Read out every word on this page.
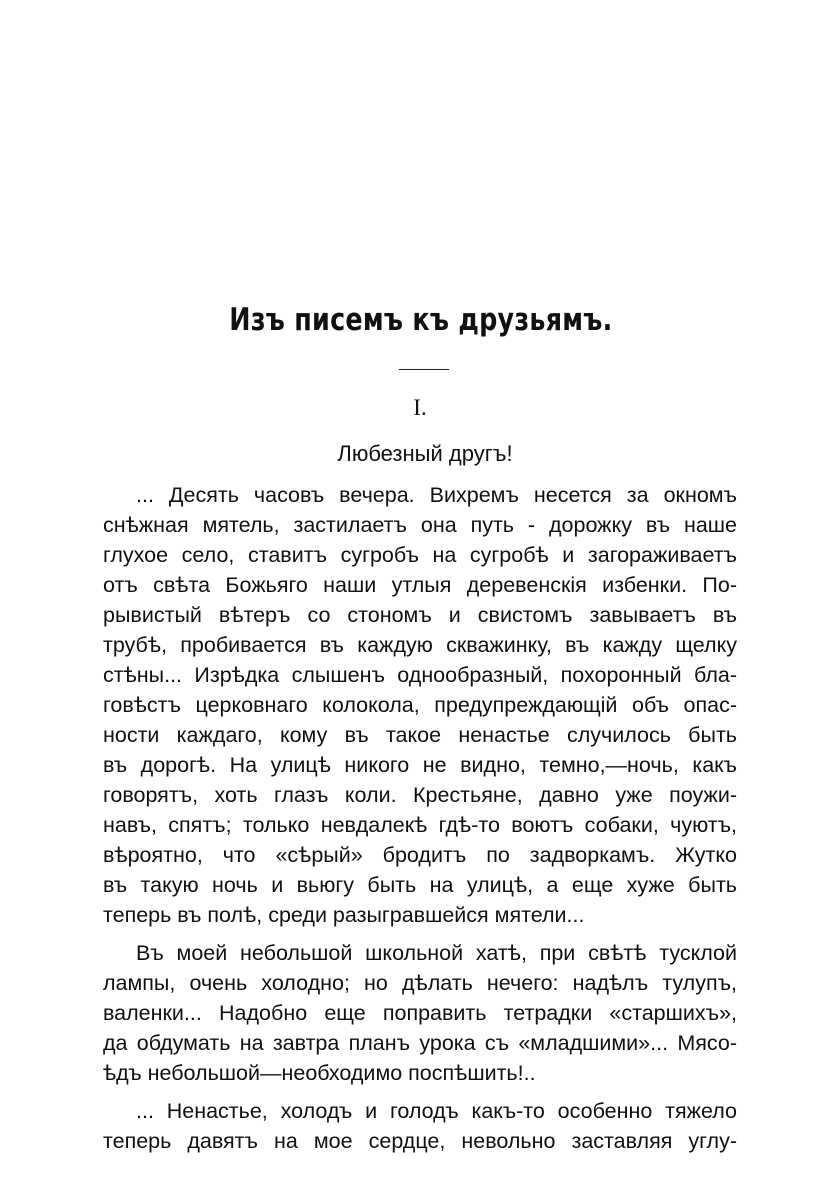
Изъ писемъ къ друзьямъ.
I.
Любезный другъ!
... Десять часовъ вечера. Вихремъ несется за окномъ
снѣжная мятель, застилаетъ она путь - дорожку въ наше
глухое село, ставитъ сугробъ на сугробѣ и загораживаетъ
отъ свѣта Божьяго наши утлыя деревенскія избенки. По-
рывистый вѣтеръ со стономъ и свистомъ завываетъ въ
трубѣ, пробивается въ каждую скважинку, въ кажду щелку
стѣны... Изрѣдка слышенъ однообразный, похоронный бла-
говѣстъ церковнаго колокола, предупреждающій объ опас-
ности каждаго, кому въ такое ненастье случилось быть
въ дорогѣ. На улицѣ никого не видно, темно,—ночь, какъ
говорятъ, хоть глазъ коли. Крестьяне, давно уже поужи-
навъ, спятъ; только невдалекѣ гдѣ-то воютъ собаки, чуютъ,
вѣроятно, что «сѣрый» бродитъ по задворкамъ. Жутко
въ такую ночь и вьюгу быть на улицѣ, а еще хуже быть
теперь въ полѣ, среди разыгравшейся мятели...
Въ моей небольшой школьной хатѣ, при свѣтѣ тусклой
лампы, очень холодно; но дѣлать нечего: надѣлъ тулупъ,
валенки... Надобно еще поправить тетрадки «старшихъ»,
да обдумать на завтра планъ урока съ «младшими»... Мясо-
ѣдъ небольшой—необходимо поспѣшить!..
... Ненастье, холодъ и голодъ какъ-то особенно тяжело
теперь давятъ на мое сердце, невольно заставляя углу-
